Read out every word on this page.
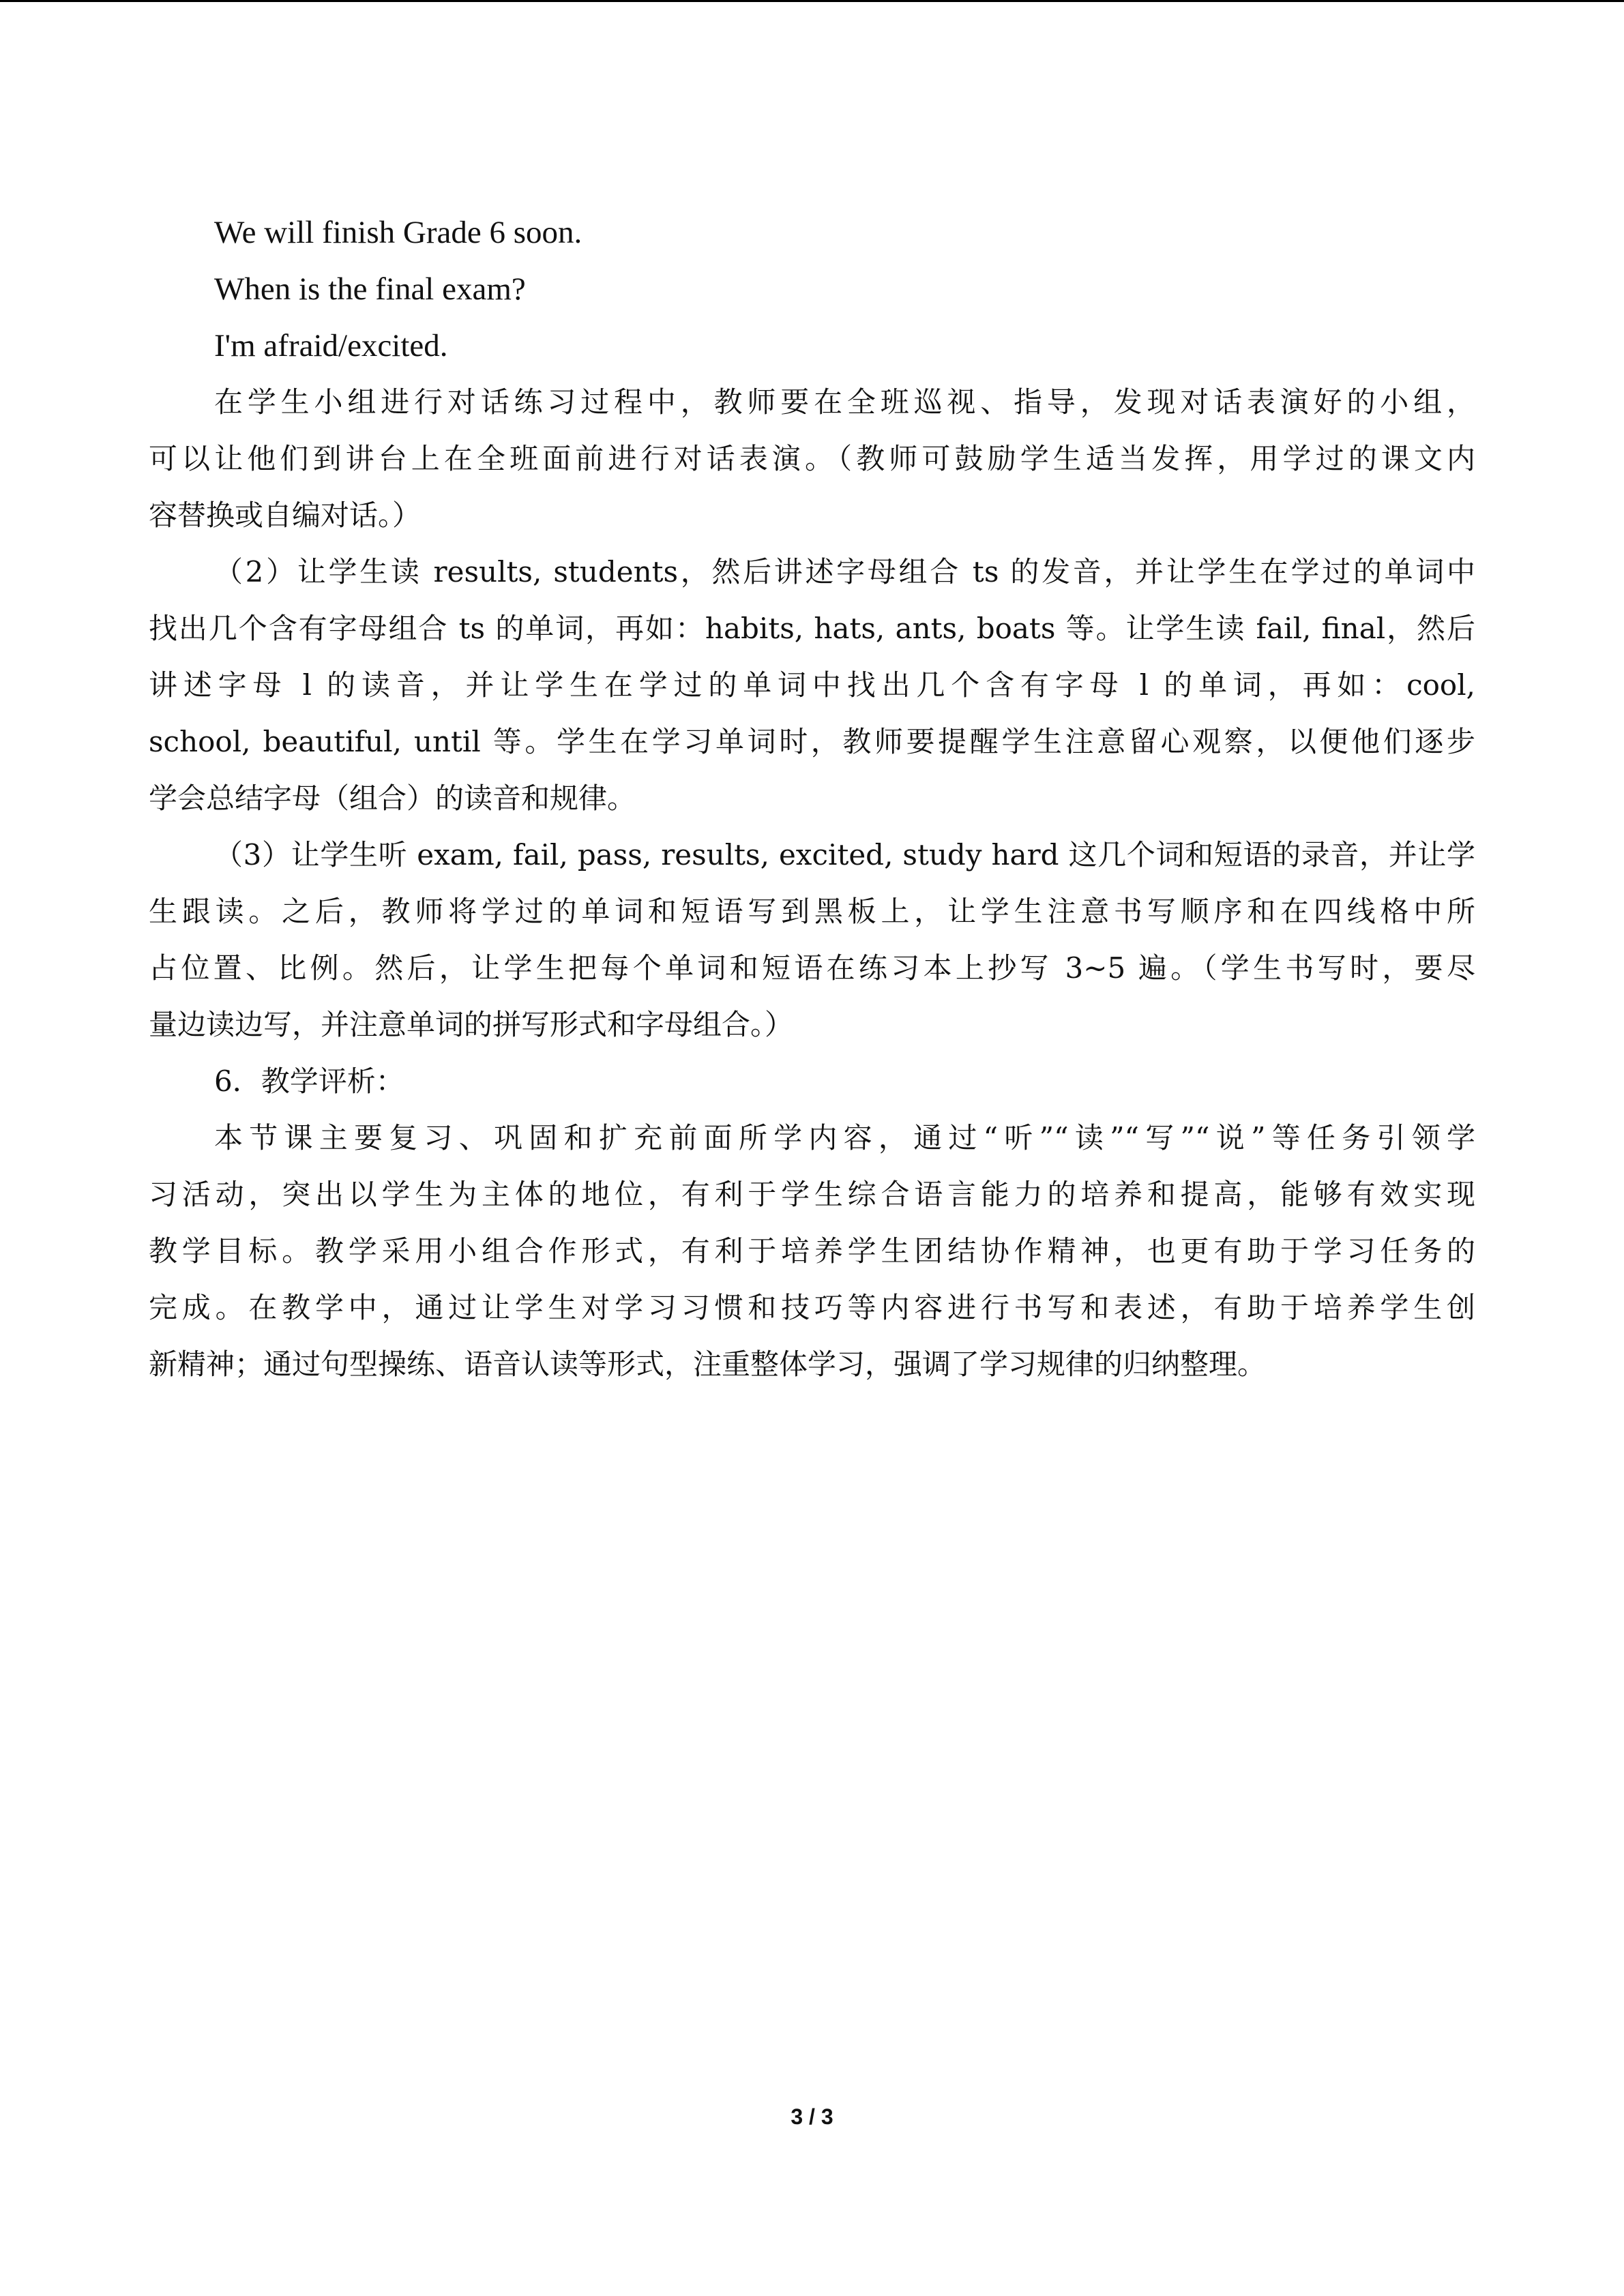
We will finish Grade 6 soon.
When is the final exam?
I'm afraid/excited.
在学生小组进行对话练习过程中，教师要在全班巡视、指导，发现对话表演好的小组，
可以让他们到讲台上在全班面前进行对话表演。（教师可鼓励学生适当发挥，用学过的课文内
容替换或自编对话。）
（2）让学生读 results, students，然后讲述字母组合 ts 的发音，并让学生在学过的单词中
找出几个含有字母组合 ts 的单词，再如：habits, hats, ants, boats 等。让学生读 fail, final，然后
讲述字母 l 的读音，并让学生在学过的单词中找出几个含有字母 l 的单词，再如：cool,
school, beautiful, until 等。学生在学习单词时，教师要提醒学生注意留心观察，以便他们逐步
学会总结字母（组合）的读音和规律。
（3）让学生听 exam, fail, pass, results, excited, study hard 这几个词和短语的录音，并让学
生跟读。之后，教师将学过的单词和短语写到黑板上，让学生注意书写顺序和在四线格中所
占位置、比例。然后，让学生把每个单词和短语在练习本上抄写 3~5 遍。（学生书写时，要尽
量边读边写，并注意单词的拼写形式和字母组合。）
6．教学评析：
本节课主要复习、巩固和扩充前面所学内容，通过“听”“读”“写”“说”等任务引领学
习活动，突出以学生为主体的地位，有利于学生综合语言能力的培养和提高，能够有效实现
教学目标。教学采用小组合作形式，有利于培养学生团结协作精神，也更有助于学习任务的
完成。在教学中，通过让学生对学习习惯和技巧等内容进行书写和表述，有助于培养学生创
新精神；通过句型操练、语音认读等形式，注重整体学习，强调了学习规律的归纳整理。
3 / 3
